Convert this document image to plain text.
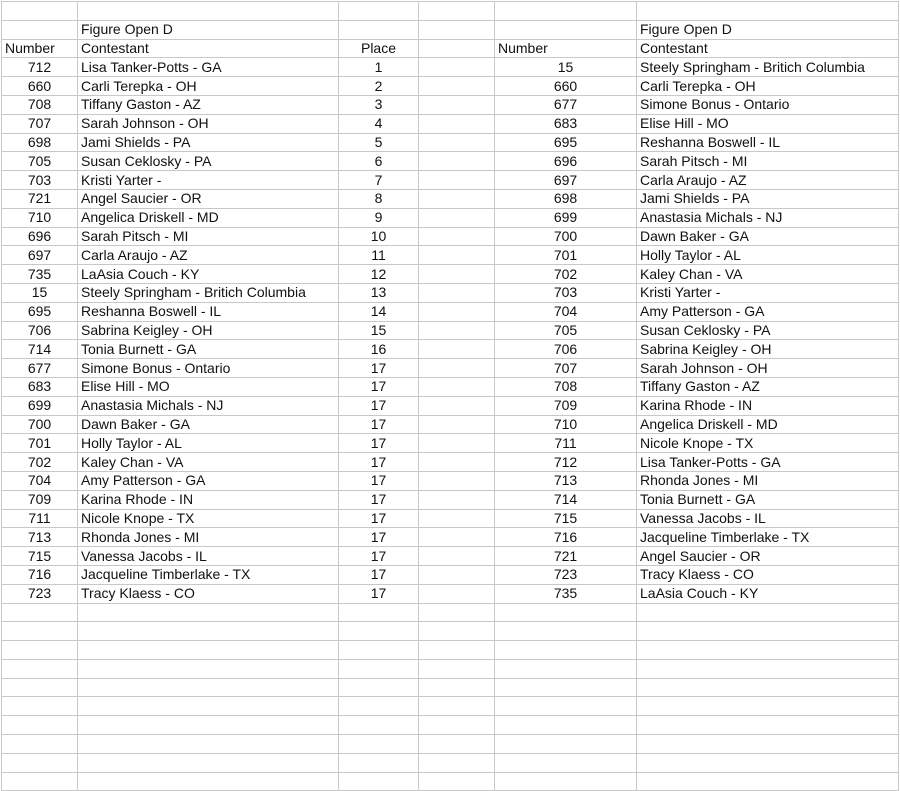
	Figure Open D				Figure Open D
Number	Contestant	Place		Number	Contestant
712	Lisa Tanker-Potts - GA	1		15	Steely Springham - Britich Columbia
660	Carli Terepka - OH	2		660	Carli Terepka - OH
708	Tiffany Gaston - AZ	3		677	Simone Bonus - Ontario
707	Sarah Johnson - OH	4		683	Elise Hill - MO
698	Jami Shields - PA	5		695	Reshanna Boswell - IL
705	Susan Ceklosky - PA	6		696	Sarah Pitsch - MI
703	Kristi Yarter -	7		697	Carla Araujo - AZ
721	Angel Saucier - OR	8		698	Jami Shields - PA
710	Angelica Driskell - MD	9		699	Anastasia Michals - NJ
696	Sarah Pitsch - MI	10		700	Dawn Baker - GA
697	Carla Araujo - AZ	11		701	Holly Taylor - AL
735	LaAsia Couch - KY	12		702	Kaley Chan - VA
15	Steely Springham - Britich Columbia	13		703	Kristi Yarter -
695	Reshanna Boswell - IL	14		704	Amy Patterson - GA
706	Sabrina Keigley - OH	15		705	Susan Ceklosky - PA
714	Tonia Burnett - GA	16		706	Sabrina Keigley - OH
677	Simone Bonus - Ontario	17		707	Sarah Johnson - OH
683	Elise Hill - MO	17		708	Tiffany Gaston - AZ
699	Anastasia Michals - NJ	17		709	Karina Rhode - IN
700	Dawn Baker - GA	17		710	Angelica Driskell - MD
701	Holly Taylor - AL	17		711	Nicole Knope - TX
702	Kaley Chan - VA	17		712	Lisa Tanker-Potts - GA
704	Amy Patterson - GA	17		713	Rhonda Jones - MI
709	Karina Rhode - IN	17		714	Tonia Burnett - GA
711	Nicole Knope - TX	17		715	Vanessa Jacobs - IL
713	Rhonda Jones - MI	17		716	Jacqueline Timberlake - TX
715	Vanessa Jacobs - IL	17		721	Angel Saucier - OR
716	Jacqueline Timberlake - TX	17		723	Tracy Klaess - CO
723	Tracy Klaess - CO	17		735	LaAsia Couch - KY
